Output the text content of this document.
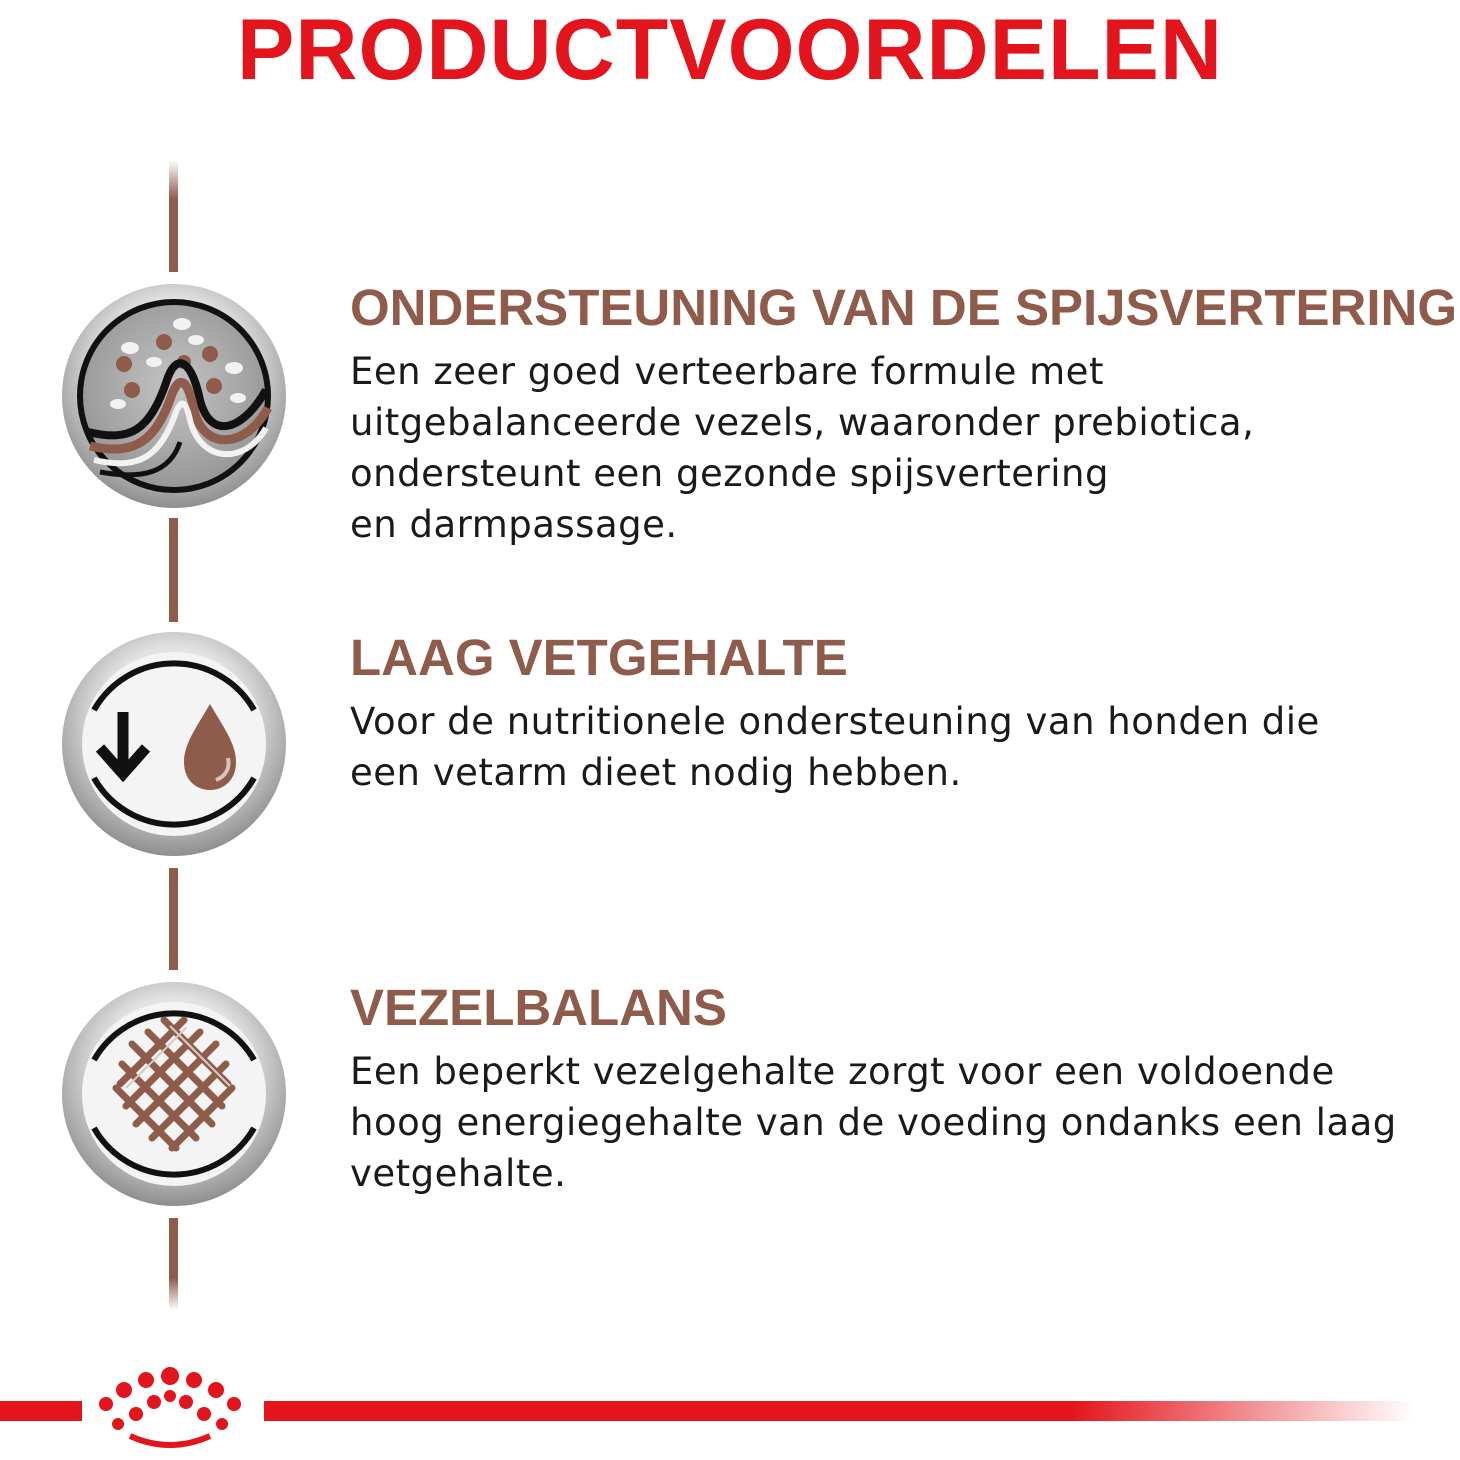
PRODUCTVOORDELEN
ONDERSTEUNING VAN DE SPIJSVERTERING

Een zeer goed verteerbare formule met
uitgebalanceerde vezels, waaronder prebiotica,
ondersteunt een gezonde spijsvertering
en darmpassage.

LAAG VETGEHALTE

Voor de nutritionele ondersteuning van honden die
een vetarm dieet nodig hebben.

VEZELBALANS

Een beperkt vezelgehalte zorgt voor een voldoende
hoog energiegehalte van de voeding ondanks een laag
vetgehalte.
